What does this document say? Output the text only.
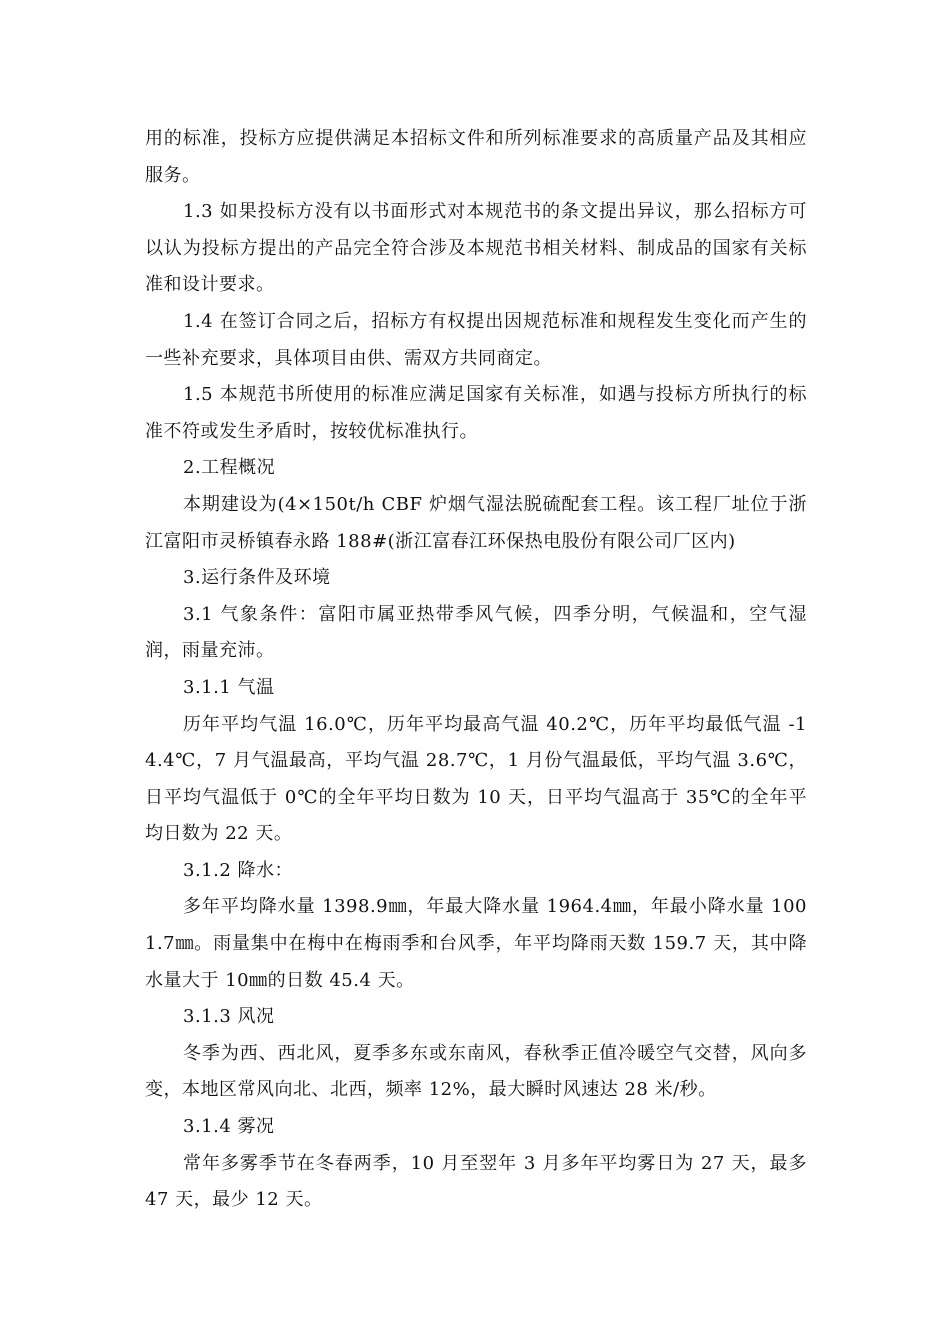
用的标准，投标方应提供满足本招标文件和所列标准要求的高质量产品及其相应服务。

1.3 如果投标方没有以书面形式对本规范书的条文提出异议，那么招标方可以认为投标方提出的产品完全符合涉及本规范书相关材料、制成品的国家有关标准和设计要求。

1.4 在签订合同之后，招标方有权提出因规范标准和规程发生变化而产生的一些补充要求，具体项目由供、需双方共同商定。

1.5 本规范书所使用的标准应满足国家有关标准，如遇与投标方所执行的标准不符或发生矛盾时，按较优标准执行。

2.工程概况

本期建设为(4×150t/h CBF 炉烟气湿法脱硫配套工程。该工程厂址位于浙江富阳市灵桥镇春永路 188#(浙江富春江环保热电股份有限公司厂区内)

3.运行条件及环境

3.1 气象条件：富阳市属亚热带季风气候，四季分明，气候温和，空气湿润，雨量充沛。

3.1.1 气温

历年平均气温 16.0℃，历年平均最高气温 40.2℃，历年平均最低气温 -14.4℃，7 月气温最高，平均气温 28.7℃，1 月份气温最低，平均气温 3.6℃，日平均气温低于 0℃的全年平均日数为 10 天，日平均气温高于 35℃的全年平均日数为 22 天。

3.1.2 降水：

多年平均降水量 1398.9㎜，年最大降水量 1964.4㎜，年最小降水量 1001.7㎜。雨量集中在梅中在梅雨季和台风季，年平均降雨天数 159.7 天，其中降水量大于 10㎜的日数 45.4 天。

3.1.3 风况

冬季为西、西北风，夏季多东或东南风，春秋季正值冷暖空气交替，风向多变，本地区常风向北、北西，频率 12%，最大瞬时风速达 28 米/秒。

3.1.4 雾况

常年多雾季节在冬春两季，10 月至翌年 3 月多年平均雾日为 27 天，最多 47 天，最少 12 天。
